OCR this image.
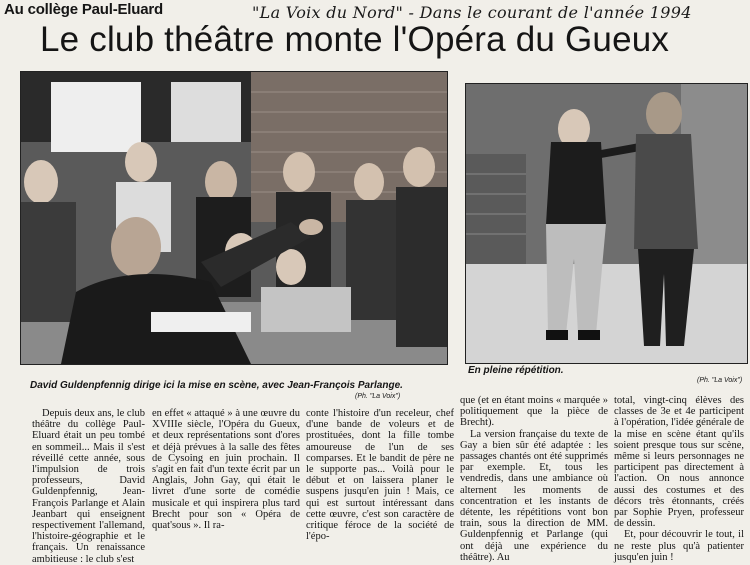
Au collège Paul-Eluard	"La Voix du Nord" - Dans le courant de l'année 1994
Le club théâtre monte l'Opéra du Gueux
David Guldenpfennig dirige ici la mise en scène, avec Jean-François Parlange.
(Ph. "La Voix")
En pleine répétition.
(Ph. "La Voix")

Depuis deux ans, le club théâtre du collège Paul-Eluard était un peu tombé en sommeil... Mais il s'est réveillé cette année, sous l'impulsion de trois professeurs, David Guldenpfennig, Jean-François Parlange et Alain Jeanbart qui enseignent respectivement l'allemand, l'histoire-géographie et le français. Un renaissance ambitieuse : le club s'est

en effet « attaqué » à une œuvre du XVIIIe siècle, l'Opéra du Gueux, et deux représentations sont d'ores et déjà prévues à la salle des fêtes de Cysoing en juin prochain. Il s'agit en fait d'un texte écrit par un Anglais, John Gay, qui était le livret d'une sorte de comédie musicale et qui inspirera plus tard Brecht pour son « Opéra de quat'sous ». Il ra-

conte l'histoire d'un receleur, chef d'une bande de voleurs et de prostituées, dont la fille tombe amoureuse de l'un de ses comparses. Et le bandit de père ne le supporte pas... Voilà pour le début et on laissera planer le suspens jusqu'en juin ! Mais, ce qui est surtout intéressant dans cette œuvre, c'est son caractère de critique féroce de la société de l'épo-

que (et en étant moins « marquée » politiquement que la pièce de Brecht).

La version française du texte de Gay a bien sûr été adaptée : les passages chantés ont été supprimés par exemple. Et, tous les vendredis, dans une ambiance où alternent les moments de concentration et les instants de détente, les répétitions vont bon train, sous la direction de MM. Guldenpfennig et Parlange (qui ont déjà une expérience du théâtre). Au

total, vingt-cinq élèves des classes de 3e et 4e participent à l'opération, l'idée générale de la mise en scène étant qu'ils soient presque tous sur scène, même si leurs personnages ne participent pas directement à l'action. On nous annonce aussi des costumes et des décors très étonnants, créés par Sophie Pryen, professeur de dessin.

Et, pour découvrir le tout, il ne reste plus qu'à patienter jusqu'en juin !
